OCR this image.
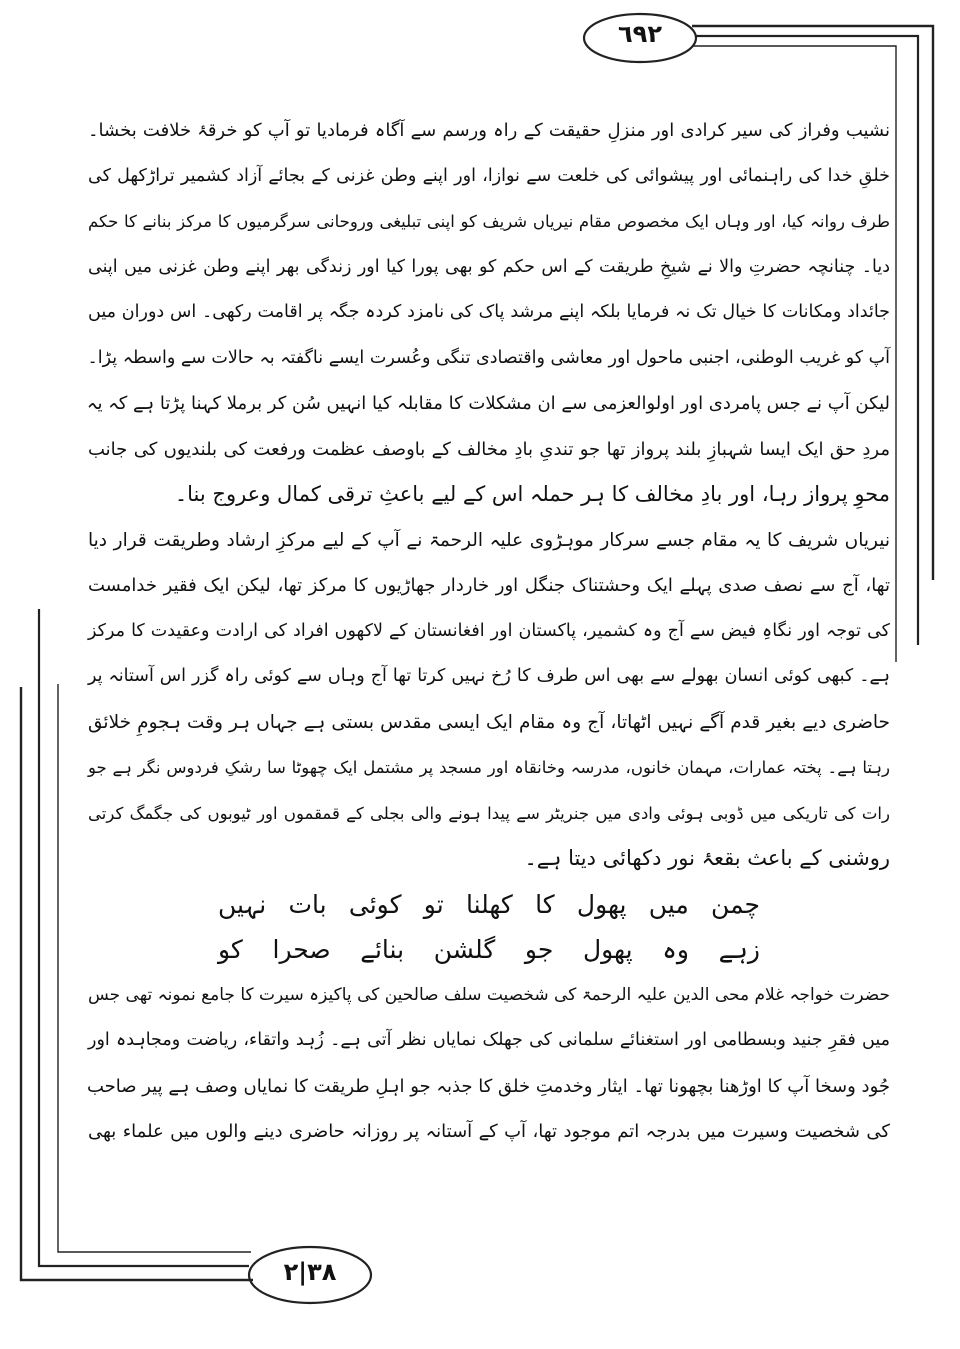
٦٩٢
٣٨|٢
نشیب وفراز کی سیر کرادی اور منزلِ حقیقت کے راہ ورسم سے آگاہ فرمادیا تو آپ کو خرقۂ خلافت بخشا۔
خلقِ خدا کی راہنمائی اور پیشوائی کی خلعت سے نوازا، اور اپنے وطن غزنی کے بجائے آزاد کشمیر تراڑکھل کی
طرف روانہ کیا، اور وہاں ایک مخصوص مقام نیریاں شریف کو اپنی تبلیغی وروحانی سرگرمیوں کا مرکز بنانے کا حکم
دیا۔ چنانچہ حضرتِ والا نے شیخِ طریقت کے اس حکم کو بھی پورا کیا اور زندگی بھر اپنے وطن غزنی میں اپنی
جائداد ومکانات کا خیال تک نہ فرمایا بلکہ اپنے مرشد پاک کی نامزد کردہ جگہ پر اقامت رکھی۔ اس دوران میں
آپ کو غریب الوطنی، اجنبی ماحول اور معاشی واقتصادی تنگی وعُسرت ایسے ناگفتہ بہ حالات سے واسطہ پڑا۔
لیکن آپ نے جس پامردی اور اولوالعزمی سے ان مشکلات کا مقابلہ کیا انہیں سُن کر برملا کہنا پڑتا ہے کہ یہ
مردِ حق ایک ایسا شہبازِ بلند پرواز تھا جو تندیِ بادِ مخالف کے باوصف عظمت ورفعت کی بلندیوں کی جانب
محوِ پرواز رہا، اور بادِ مخالف کا ہر حملہ اس کے لیے باعثِ ترقی کمال وعروج بنا۔
نیریاں شریف کا یہ مقام جسے سرکار موہڑوی علیہ الرحمۃ نے آپ کے لیے مرکزِ ارشاد وطریقت قرار دیا
تھا، آج سے نصف صدی پہلے ایک وحشتناک جنگل اور خاردار جھاڑیوں کا مرکز تھا، لیکن ایک فقیر خدامست
کی توجہ اور نگاہِ فیض سے آج وہ کشمیر، پاکستان اور افغانستان کے لاکھوں افراد کی ارادت وعقیدت کا مرکز
ہے۔ کبھی کوئی انسان بھولے سے بھی اس طرف کا رُخ نہیں کرتا تھا آج وہاں سے کوئی راہ گزر اس آستانہ پر
حاضری دیے بغیر قدم آگے نہیں اٹھاتا، آج وہ مقام ایک ایسی مقدس بستی ہے جہاں ہر وقت ہجومِ خلائق
رہتا ہے۔ پختہ عمارات، مہمان خانوں، مدرسہ وخانقاہ اور مسجد پر مشتمل ایک چھوٹا سا رشکِ فردوس نگر ہے جو
رات کی تاریکی میں ڈوبی ہوئی وادی میں جنریٹر سے پیدا ہونے والی بجلی کے قمقموں اور ٹیوبوں کی جگمگ کرتی
روشنی کے باعث بقعۂ نور دکھائی دیتا ہے۔
چمن میں پھول کا کھلنا تو کوئی بات نہیں
زہے وہ پھول جو گلشن بنائے صحرا کو
حضرت خواجہ غلام محی الدین علیہ الرحمۃ کی شخصیت سلف صالحین کی پاکیزہ سیرت کا جامع نمونہ تھی جس
میں فقرِ جنید وبسطامی اور استغنائے سلمانی کی جھلک نمایاں نظر آتی ہے۔ زُہد واتقاء، ریاضت ومجاہدہ اور
جُود وسخا آپ کا اوڑھنا بچھونا تھا۔ ایثار وخدمتِ خلق کا جذبہ جو اہلِ طریقت کا نمایاں وصف ہے پیر صاحب
کی شخصیت وسیرت میں بدرجہ اتم موجود تھا، آپ کے آستانہ پر روزانہ حاضری دینے والوں میں علماء بھی
